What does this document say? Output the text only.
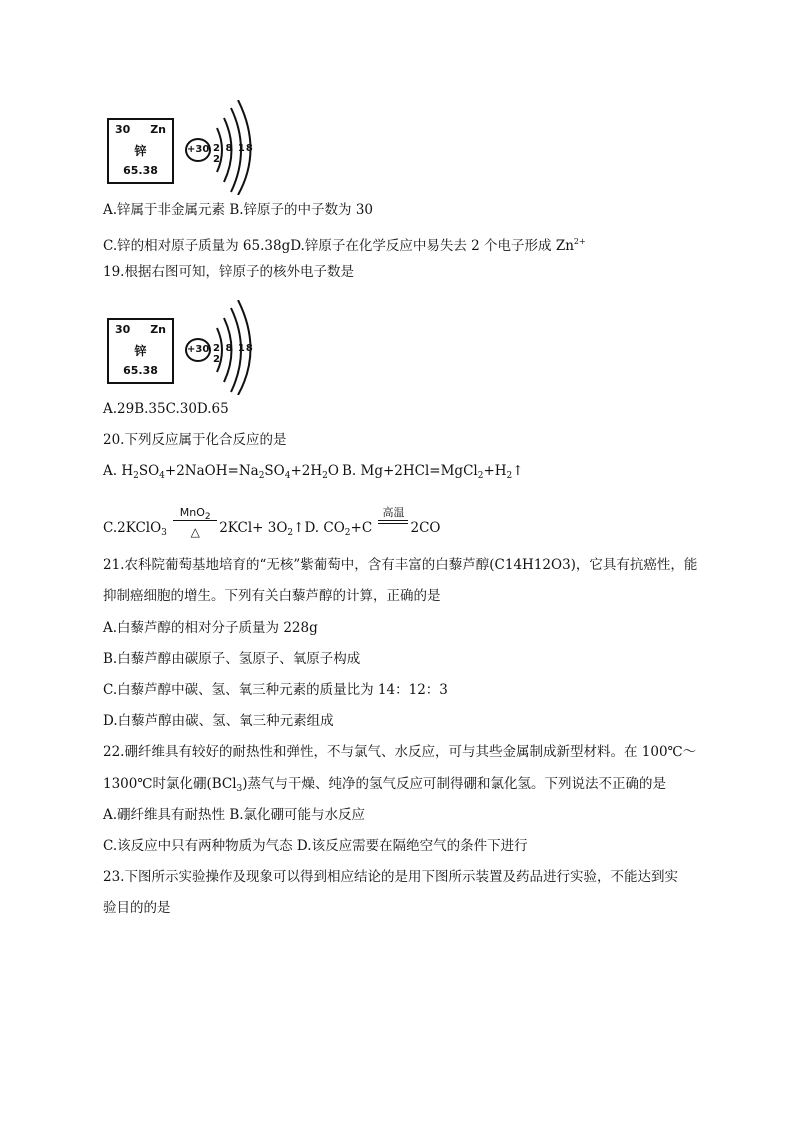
30 Zn
锌
65.38
+30 2 8 18 2
A.锌属于非金属元素 B.锌原子的中子数为 30
C.锌的相对原子质量为 65.38gD.锌原子在化学反应中易失去 2 个电子形成 $Zn^{2+}$
19.根据右图可知，锌原子的核外电子数是
30 Zn
锌
65.38
+30 2 8 18 2
A.29B.35C.30D.65
20.下列反应属于化合反应的是
A. $H_2SO_4+2NaOH=Na_2SO_4+2H_2O$ B. $Mg+2HCl=MgCl_2+H_2↑$
C.2KClO$_3$
MnO$_2$
△	$2KCl+ 3O_2↑D$. $CO_2+C$
高温
2CO
21.农科院葡萄基地培育的“无核”紫葡萄中，含有丰富的白藜芦醇(C14H12O3)，它具有抗癌性，能
抑制癌细胞的增生。下列有关白藜芦醇的计算，正确的是
A.白藜芦醇的相对分子质量为 228g
B.白藜芦醇由碳原子、氢原子、氧原子构成
C.白藜芦醇中碳、氢、氧三种元素的质量比为 14：12：3
D.白藜芦醇由碳、氢、氧三种元素组成
22.硼纤维具有较好的耐热性和弹性，不与氯气、水反应，可与其些金属制成新型材料。在 100℃～
1300℃时氯化硼(BCl$_3$)蒸气与干燥、纯净的氢气反应可制得硼和氯化氢。下列说法不正确的是
A.硼纤维具有耐热性 B.氯化硼可能与水反应
C.该反应中只有两种物质为气态 D.该反应需要在隔绝空气的条件下进行
23.下图所示实验操作及现象可以得到相应结论的是用下图所示装置及药品进行实验，不能达到实
验目的的是
